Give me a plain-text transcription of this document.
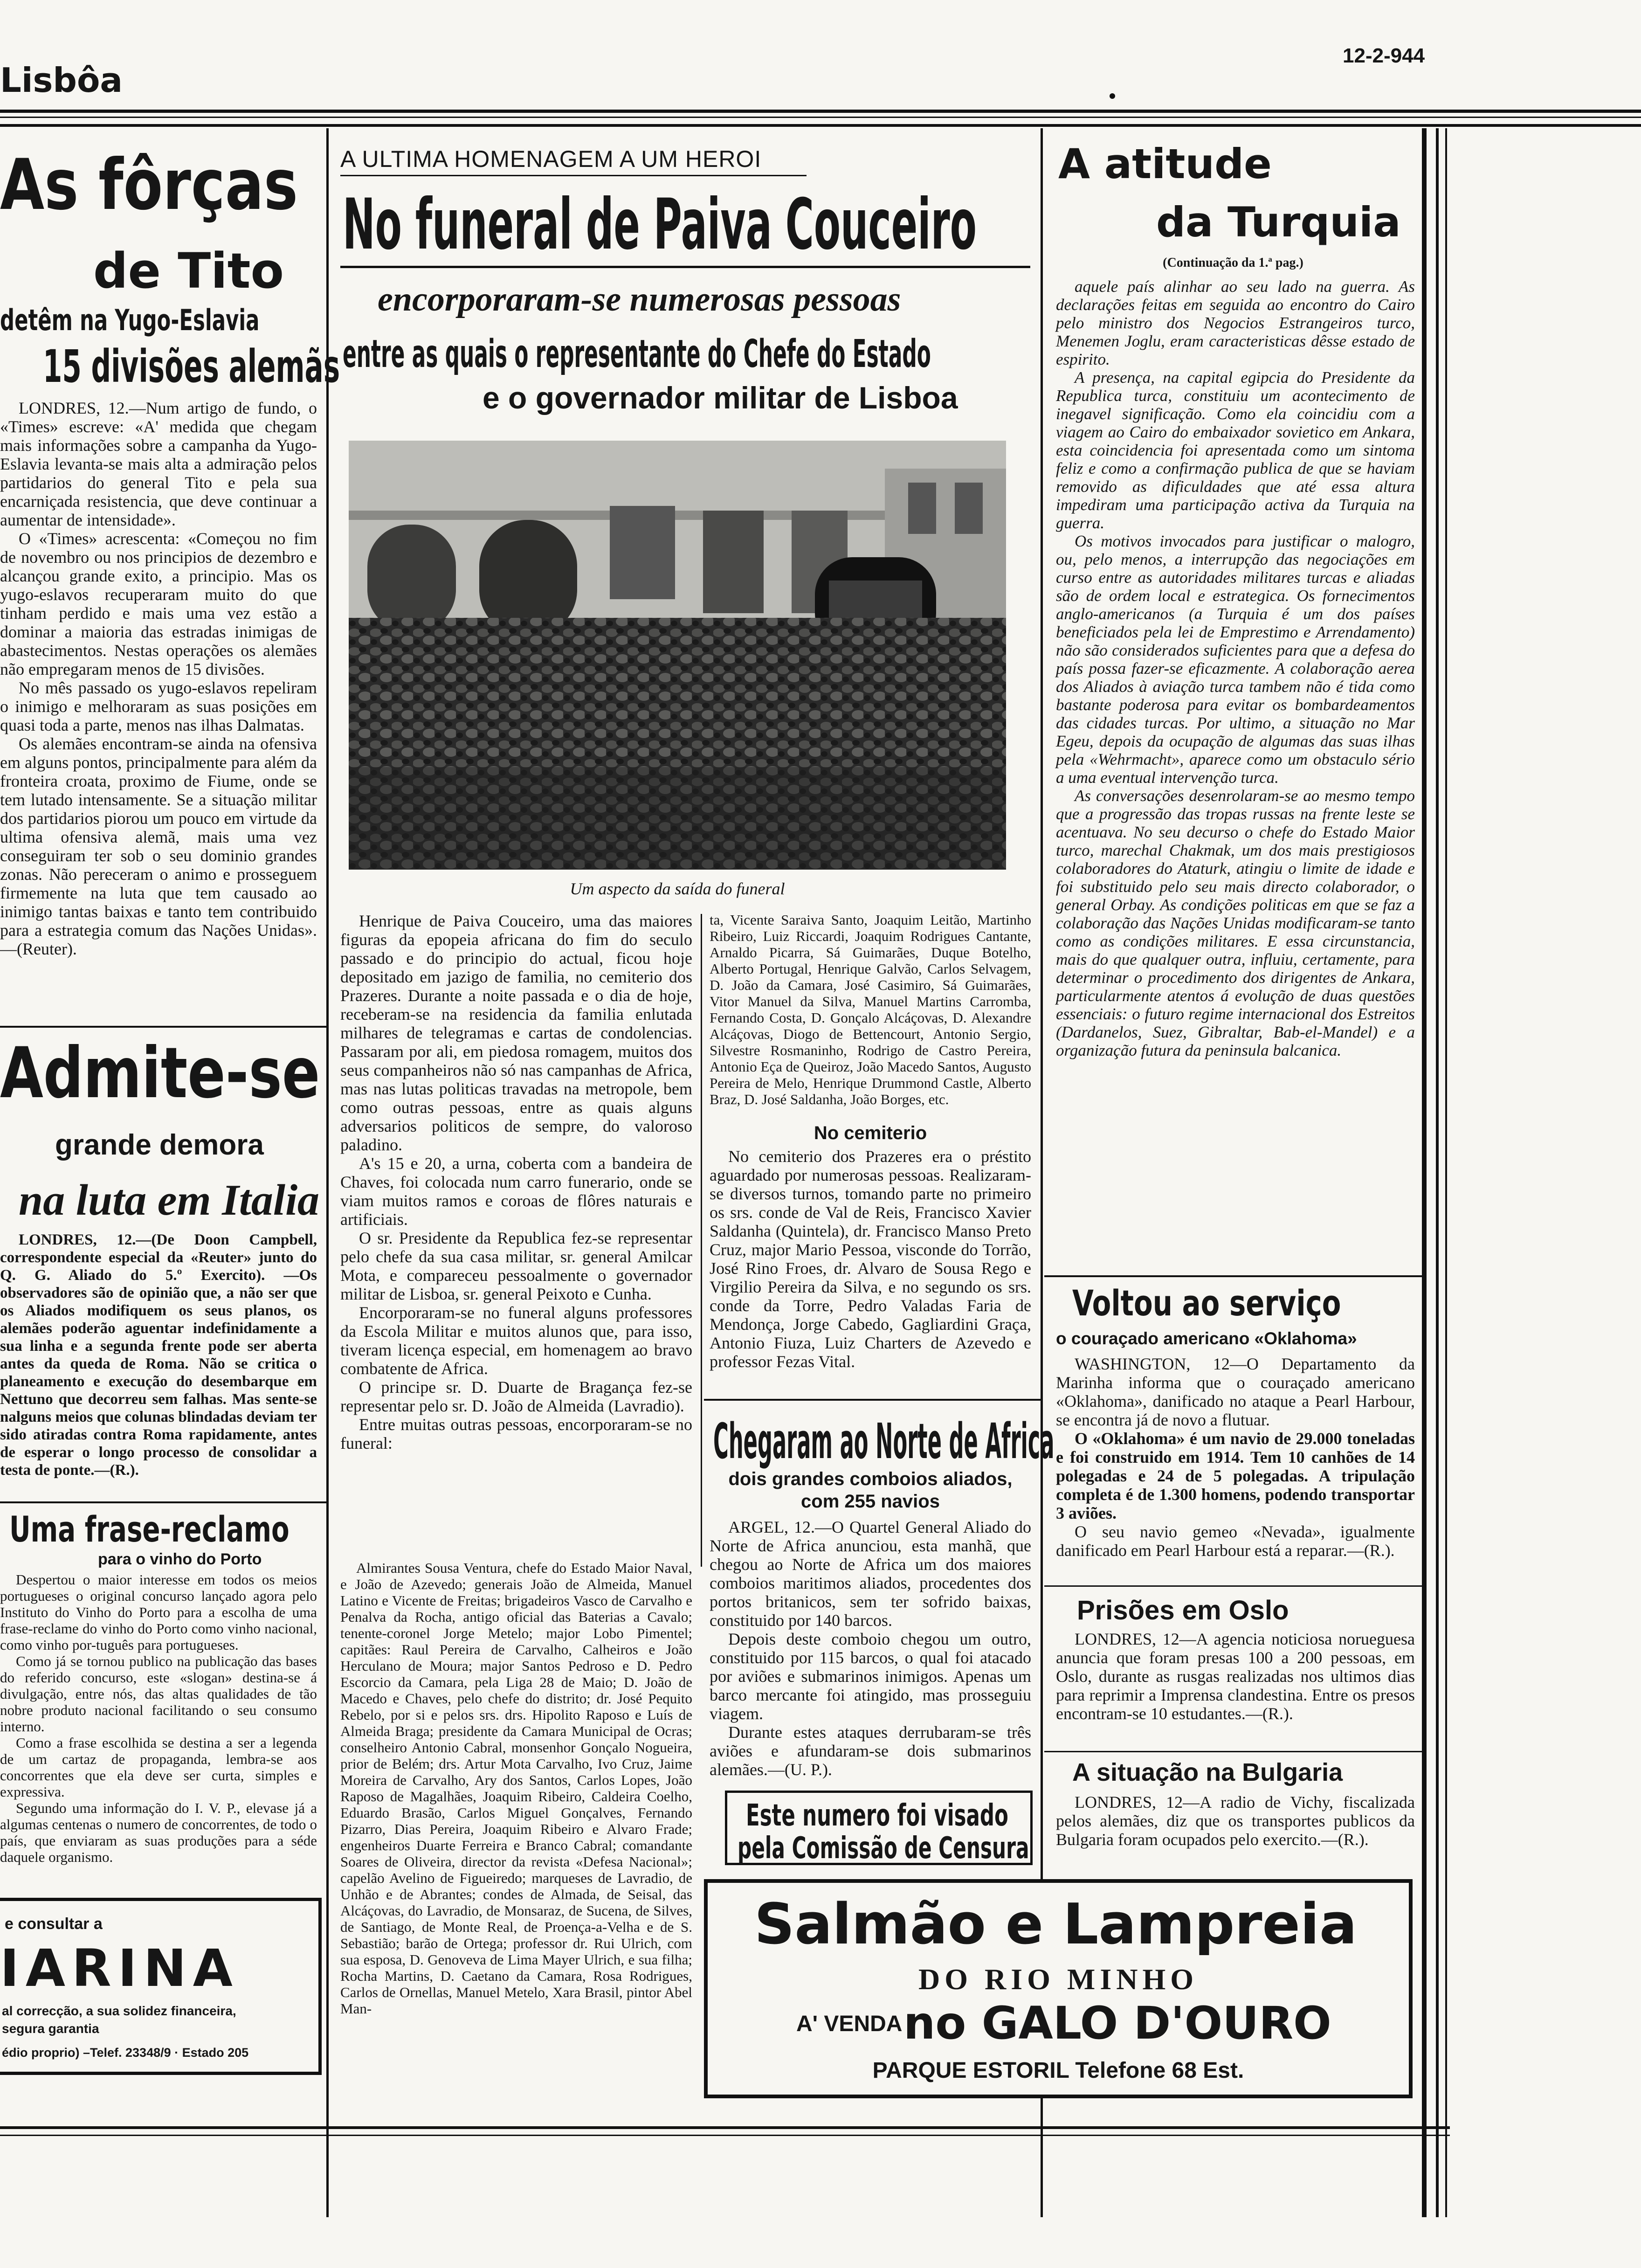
Lisbôa
12-2-944
As fôrças
de Tito
detêm na Yugo-Eslavia
15 divisões alemãs

LONDRES, 12.—Num artigo de fundo, o «Times» escreve: «A' medida que chegam mais informações sobre a campanha da Yugo-Eslavia levanta-se mais alta a admiração pelos partidarios do general Tito e pela sua encarniçada resistencia, que deve continuar a aumentar de intensidade».

O «Times» acrescenta: «Começou no fim de novembro ou nos principios de dezembro e alcançou grande exito, a principio. Mas os yugo-eslavos recuperaram muito do que tinham perdido e mais uma vez estão a dominar a maioria das estradas inimigas de abastecimentos. Nestas operações os alemães não empregaram menos de 15 divisões.

No mês passado os yugo-eslavos repeliram o inimigo e melhoraram as suas posições em quasi toda a parte, menos nas ilhas Dalmatas.

Os alemães encontram-se ainda na ofensiva em alguns pontos, principalmente para além da fronteira croata, proximo de Fiume, onde se tem lutado intensamente. Se a situação militar dos partidarios piorou um pouco em virtude da ultima ofensiva alemã, mais uma vez conseguiram ter sob o seu dominio grandes zonas. Não pereceram o animo e prosseguem firmemente na luta que tem causado ao inimigo tantas baixas e tanto tem contribuido para a estrategia comum das Nações Unidas».—(Reuter).

Admite-se
grande demora
na luta em Italia

LONDRES, 12.—(De Doon Campbell, correspondente especial da «Reuter» junto do Q. G. Aliado do 5.º Exercito). —Os observadores são de opinião que, a não ser que os Aliados modifiquem os seus planos, os alemães poderão aguentar indefinidamente a sua linha e a segunda frente pode ser aberta antes da queda de Roma. Não se critica o planeamento e execução do desembarque em Nettuno que decorreu sem falhas. Mas sente-se nalguns meios que colunas blindadas deviam ter sido atiradas contra Roma rapidamente, antes de esperar o longo processo de consolidar a testa de ponte.—(R.).

Uma frase-reclamo
para o vinho do Porto

Despertou o maior interesse em todos os meios portugueses o original concurso lançado agora pelo Instituto do Vinho do Porto para a escolha de uma frase-reclame do vinho do Porto como vinho nacional, como vinho por-tuguês para portugueses.

Como já se tornou publico na publicação das bases do referido concurso, este «slogan» destina-se á divulgação, entre nós, das altas qualidades de tão nobre produto nacional facilitando o seu consumo interno.

Como a frase escolhida se destina a ser a legenda de um cartaz de propaganda, lembra-se aos concorrentes que ela deve ser curta, simples e expressiva.

Segundo uma informação do I. V. P., elevase já a algumas centenas o numero de concorrentes, de todo o país, que enviaram as suas produções para a séde daquele organismo.

e consultar a
IARINA
al correcção, a sua solidez financeira,
segura garantia
édio proprio) –Telef. 23348/9 · Estado 205
A ULTIMA HOMENAGEM A UM HEROI
No funeral de Paiva Couceiro
encorporaram-se numerosas pessoas
entre as quais o representante do Chefe do Estado
e o governador militar de Lisboa
Um aspecto da saída do funeral

Henrique de Paiva Couceiro, uma das maiores figuras da epopeia africana do fim do seculo passado e do principio do actual, ficou hoje depositado em jazigo de familia, no cemiterio dos Prazeres. Durante a noite passada e o dia de hoje, receberam-se na residencia da familia enlutada milhares de telegramas e cartas de condolencias. Passaram por ali, em piedosa romagem, muitos dos seus companheiros não só nas campanhas de Africa, mas nas lutas politicas travadas na metropole, bem como outras pessoas, entre as quais alguns adversarios politicos de sempre, do valoroso paladino.

A's 15 e 20, a urna, coberta com a bandeira de Chaves, foi colocada num carro funerario, onde se viam muitos ramos e coroas de flôres naturais e artificiais.

O sr. Presidente da Republica fez-se representar pelo chefe da sua casa militar, sr. general Amilcar Mota, e compareceu pessoalmente o governador militar de Lisboa, sr. general Peixoto e Cunha.

Encorporaram-se no funeral alguns professores da Escola Militar e muitos alunos que, para isso, tiveram licença especial, em homenagem ao bravo combatente de Africa.

O principe sr. D. Duarte de Bragança fez-se representar pelo sr. D. João de Almeida (Lavradio).

Entre muitas outras pessoas, encorporaram-se no funeral:

Almirantes Sousa Ventura, chefe do Estado Maior Naval, e João de Azevedo; generais João de Almeida, Manuel Latino e Vicente de Freitas; brigadeiros Vasco de Carvalho e Penalva da Rocha, antigo oficial das Baterias a Cavalo; tenente-coronel Jorge Metelo; major Lobo Pimentel; capitães: Raul Pereira de Carvalho, Calheiros e João Herculano de Moura; major Santos Pedroso e D. Pedro Escorcio da Camara, pela Liga 28 de Maio; D. João de Macedo e Chaves, pelo chefe do distrito; dr. José Pequito Rebelo, por si e pelos srs. drs. Hipolito Raposo e Luís de Almeida Braga; presidente da Camara Municipal de Ocras; conselheiro Antonio Cabral, monsenhor Gonçalo Nogueira, prior de Belém; drs. Artur Mota Carvalho, Ivo Cruz, Jaime Moreira de Carvalho, Ary dos Santos, Carlos Lopes, João Raposo de Magalhães, Joaquim Ribeiro, Caldeira Coelho, Eduardo Brasão, Carlos Miguel Gonçalves, Fernando Pizarro, Dias Pereira, Joaquim Ribeiro e Alvaro Frade; engenheiros Duarte Ferreira e Branco Cabral; comandante Soares de Oliveira, director da revista «Defesa Nacional»; capelão Avelino de Figueiredo; marqueses de Lavradio, de Unhão e de Abrantes; condes de Almada, de Seisal, das Alcáçovas, do Lavradio, de Monsaraz, de Sucena, de Silves, de Santiago, de Monte Real, de Proença-a-Velha e de S. Sebastião; barão de Ortega; professor dr. Rui Ulrich, com sua esposa, D. Genoveva de Lima Mayer Ulrich, e sua filha; Rocha Martins, D. Caetano da Camara, Rosa Rodrigues, Carlos de Ornellas, Manuel Metelo, Xara Brasil, pintor Abel Man-

ta, Vicente Saraiva Santo, Joaquim Leitão, Martinho Ribeiro, Luiz Riccardi, Joaquim Rodrigues Cantante, Arnaldo Picarra, Sá Guimarães, Duque Botelho, Alberto Portugal, Henrique Galvão, Carlos Selvagem, D. João da Camara, José Casimiro, Sá Guimarães, Vitor Manuel da Silva, Manuel Martins Carromba, Fernando Costa, D. Gonçalo Alcáçovas, D. Alexandre Alcáçovas, Diogo de Bettencourt, Antonio Sergio, Silvestre Rosmaninho, Rodrigo de Castro Pereira, Antonio Eça de Queiroz, João Macedo Santos, Augusto Pereira de Melo, Henrique Drummond Castle, Alberto Braz, D. José Saldanha, João Borges, etc.

No cemiterio

No cemiterio dos Prazeres era o préstito aguardado por numerosas pessoas. Realizaram-se diversos turnos, tomando parte no primeiro os srs. conde de Val de Reis, Francisco Xavier Saldanha (Quintela), dr. Francisco Manso Preto Cruz, major Mario Pessoa, visconde do Torrão, José Rino Froes, dr. Alvaro de Sousa Rego e Virgilio Pereira da Silva, e no segundo os srs. conde da Torre, Pedro Valadas Faria de Mendonça, Jorge Cabedo, Gagliardini Graça, Antonio Fiuza, Luiz Charters de Azevedo e professor Fezas Vital.

Chegaram ao Norte de Africa
dois grandes comboios aliados,
com 255 navios

ARGEL, 12.—O Quartel General Aliado do Norte de Africa anunciou, esta manhã, que chegou ao Norte de Africa um dos maiores comboios maritimos aliados, procedentes dos portos britanicos, sem ter sofrido baixas, constituido por 140 barcos.

Depois deste comboio chegou um outro, constituido por 115 barcos, o qual foi atacado por aviões e submarinos inimigos. Apenas um barco mercante foi atingido, mas prosseguiu viagem.

Durante estes ataques derrubaram-se três aviões e afundaram-se dois submarinos alemães.—(U. P.).

Este numero foi visado
pela Comissão de Censura
Salmão e Lampreia
DO RIO MINHO
A' VENDA no GALO D'OURO
PARQUE ESTORIL Telefone 68 Est.
A atitude
da Turquia
(Continuação da 1.ª pag.)

aquele país alinhar ao seu lado na guerra. As declarações feitas em seguida ao encontro do Cairo pelo ministro dos Negocios Estrangeiros turco, Menemen Joglu, eram caracteristicas dêsse estado de espirito.

A presença, na capital egipcia do Presidente da Republica turca, constituiu um acontecimento de inegavel significação. Como ela coincidiu com a viagem ao Cairo do embaixador sovietico em Ankara, esta coincidencia foi apresentada como um sintoma feliz e como a confirmação publica de que se haviam removido as dificuldades que até essa altura impediram uma participação activa da Turquia na guerra.

Os motivos invocados para justificar o malogro, ou, pelo menos, a interrupção das negociações em curso entre as autoridades militares turcas e aliadas são de ordem local e estrategica. Os fornecimentos anglo-americanos (a Turquia é um dos países beneficiados pela lei de Emprestimo e Arrendamento) não são considerados suficientes para que a defesa do país possa fazer-se eficazmente. A colaboração aerea dos Aliados à aviação turca tambem não é tida como bastante poderosa para evitar os bombardeamentos das cidades turcas. Por ultimo, a situação no Mar Egeu, depois da ocupação de algumas das suas ilhas pela «Wehrmacht», aparece como um obstaculo sério a uma eventual intervenção turca.

As conversações desenrolaram-se ao mesmo tempo que a progressão das tropas russas na frente leste se acentuava. No seu decurso o chefe do Estado Maior turco, marechal Chakmak, um dos mais prestigiosos colaboradores do Ataturk, atingiu o limite de idade e foi substituido pelo seu mais directo colaborador, o general Orbay. As condições politicas em que se faz a colaboração das Nações Unidas modificaram-se tanto como as condições militares. E essa circunstancia, mais do que qualquer outra, influiu, certamente, para determinar o procedimento dos dirigentes de Ankara, particularmente atentos á evolução de duas questões essenciais: o futuro regime internacional dos Estreitos (Dardanelos, Suez, Gibraltar, Bab-el-Mandel) e a organização futura da peninsula balcanica.

Voltou ao serviço
o couraçado americano «Oklahoma»

WASHINGTON, 12—O Departamento da Marinha informa que o couraçado americano «Oklahoma», danificado no ataque a Pearl Harbour, se encontra já de novo a flutuar.

O «Oklahoma» é um navio de 29.000 toneladas e foi construido em 1914. Tem 10 canhões de 14 polegadas e 24 de 5 polegadas. A tripulação completa é de 1.300 homens, podendo transportar 3 aviões.

O seu navio gemeo «Nevada», igualmente danificado em Pearl Harbour está a reparar.—(R.).

Prisões em Oslo

LONDRES, 12—A agencia noticiosa norueguesa anuncia que foram presas 100 a 200 pessoas, em Oslo, durante as rusgas realizadas nos ultimos dias para reprimir a Imprensa clandestina. Entre os presos encontram-se 10 estudantes.—(R.).

A situação na Bulgaria

LONDRES, 12—A radio de Vichy, fiscalizada pelos alemães, diz que os transportes publicos da Bulgaria foram ocupados pelo exercito.—(R.).
